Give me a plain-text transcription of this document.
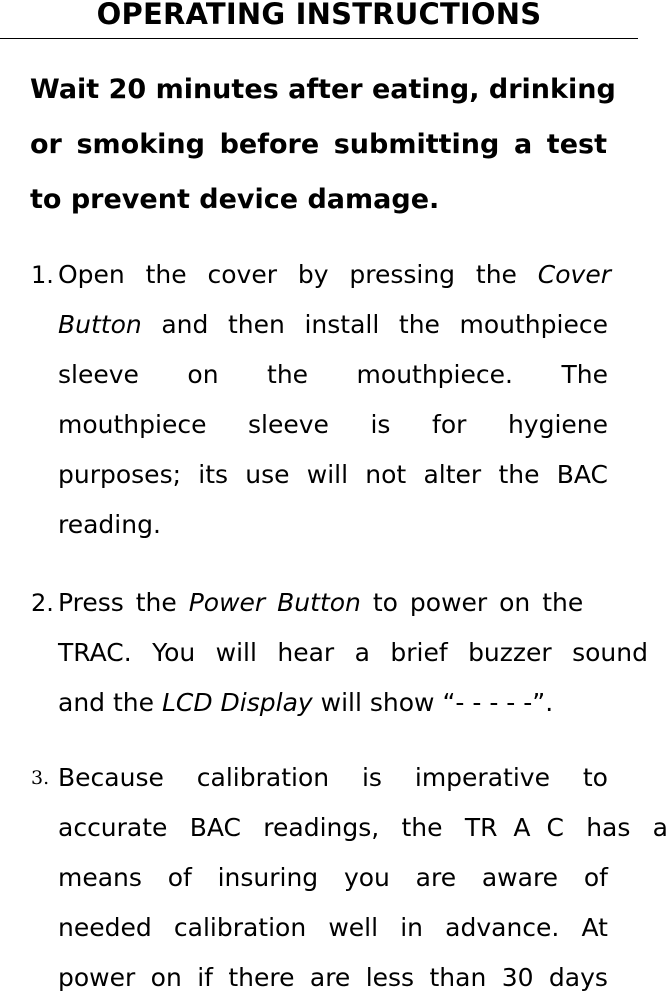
OPERATING INSTRUCTIONS
Wait 20 minutes after eating, drinking
or smoking before submitting a test
to prevent device damage.
1. Open the cover by pressing the Cover
Button and then install the mouthpiece
sleeve on the mouthpiece. The
mouthpiece sleeve is for hygiene
purposes; its use will not alter the BAC
reading.
2. Press the Power Button to power on the
TRAC. You will hear a brief buzzer sound
and the LCD Display will show “- - - - -”.
3. Because calibration is imperative to
accurate BAC readings, the TR A C has a
means of insuring you are aware of
needed calibration well in advance. At
power on if there are less than 30 days
